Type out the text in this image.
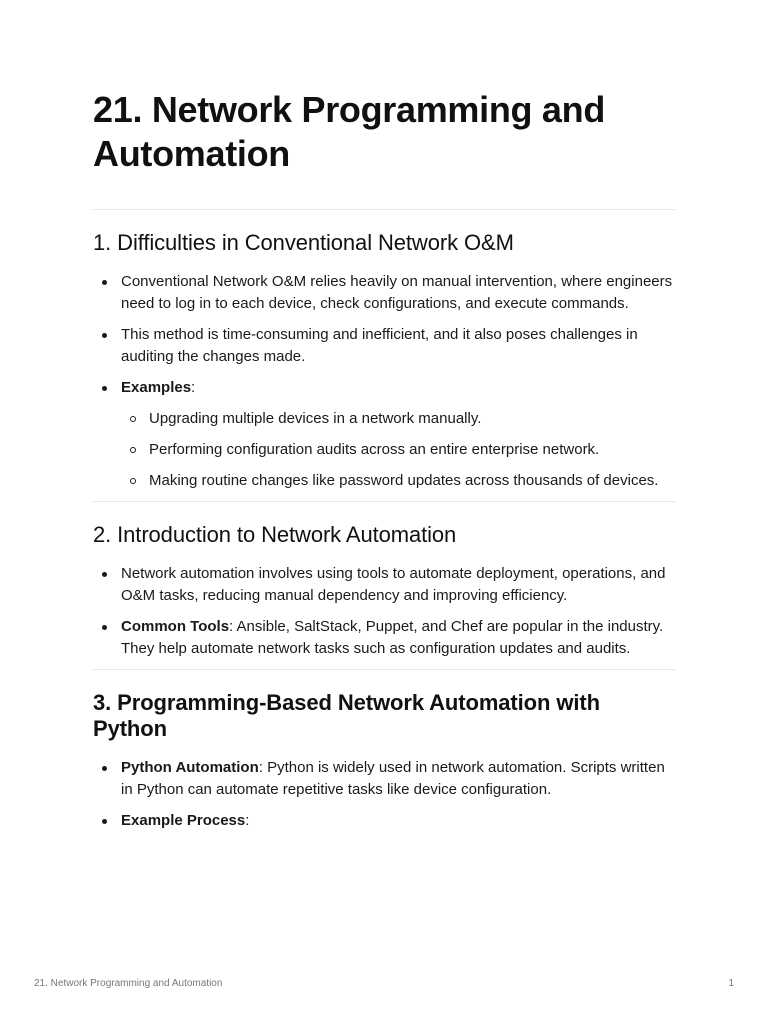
21. Network Programming and Automation
1. Difficulties in Conventional Network O&M
Conventional Network O&M relies heavily on manual intervention, where engineers need to log in to each device, check configurations, and execute commands.
This method is time-consuming and inefficient, and it also poses challenges in auditing the changes made.
Examples:
Upgrading multiple devices in a network manually.
Performing configuration audits across an entire enterprise network.
Making routine changes like password updates across thousands of devices.
2. Introduction to Network Automation
Network automation involves using tools to automate deployment, operations, and O&M tasks, reducing manual dependency and improving efficiency.
Common Tools: Ansible, SaltStack, Puppet, and Chef are popular in the industry. They help automate network tasks such as configuration updates and audits.
3. Programming-Based Network Automation with Python
Python Automation: Python is widely used in network automation. Scripts written in Python can automate repetitive tasks like device configuration.
Example Process:
21. Network Programming and Automation	1
